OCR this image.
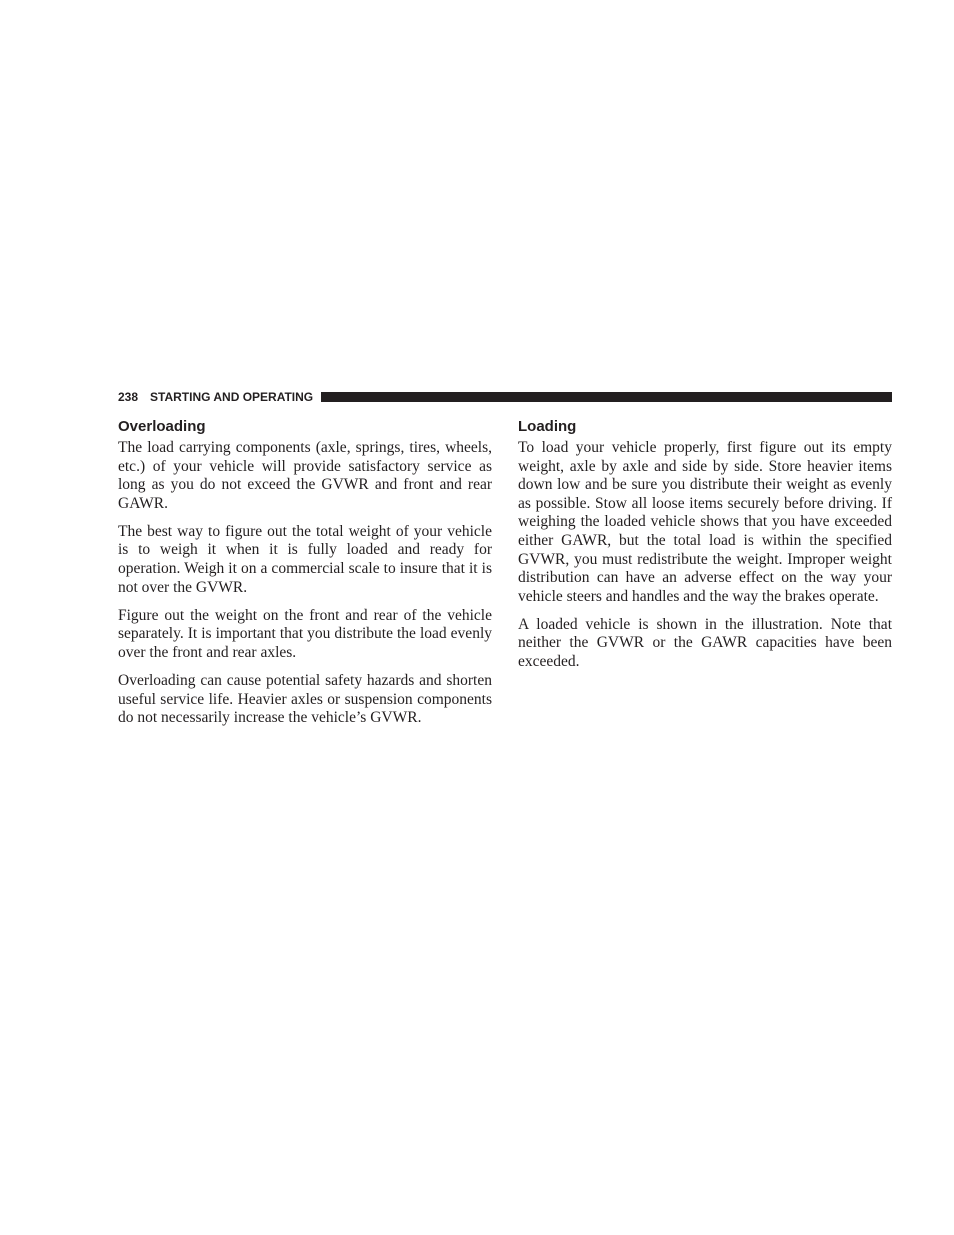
238 STARTING AND OPERATING
Overloading

The load carrying components (axle, springs, tires, wheels, etc.) of your vehicle will provide satisfactory service as long as you do not exceed the GVWR and front and rear GAWR.

The best way to figure out the total weight of your vehicle is to weigh it when it is fully loaded and ready for operation. Weigh it on a commercial scale to insure that it is not over the GVWR.

Figure out the weight on the front and rear of the vehicle separately. It is important that you distribute the load evenly over the front and rear axles.

Overloading can cause potential safety hazards and shorten useful service life. Heavier axles or suspension components do not necessarily increase the vehicle’s GVWR.

Loading

To load your vehicle properly, first figure out its empty weight, axle by axle and side by side. Store heavier items down low and be sure you distribute their weight as evenly as possible. Stow all loose items securely before driving. If weighing the loaded vehicle shows that you have exceeded either GAWR, but the total load is within the specified GVWR, you must redistribute the weight. Improper weight distribution can have an adverse effect on the way your vehicle steers and handles and the way the brakes operate.

A loaded vehicle is shown in the illustration. Note that neither the GVWR or the GAWR capacities have been exceeded.
